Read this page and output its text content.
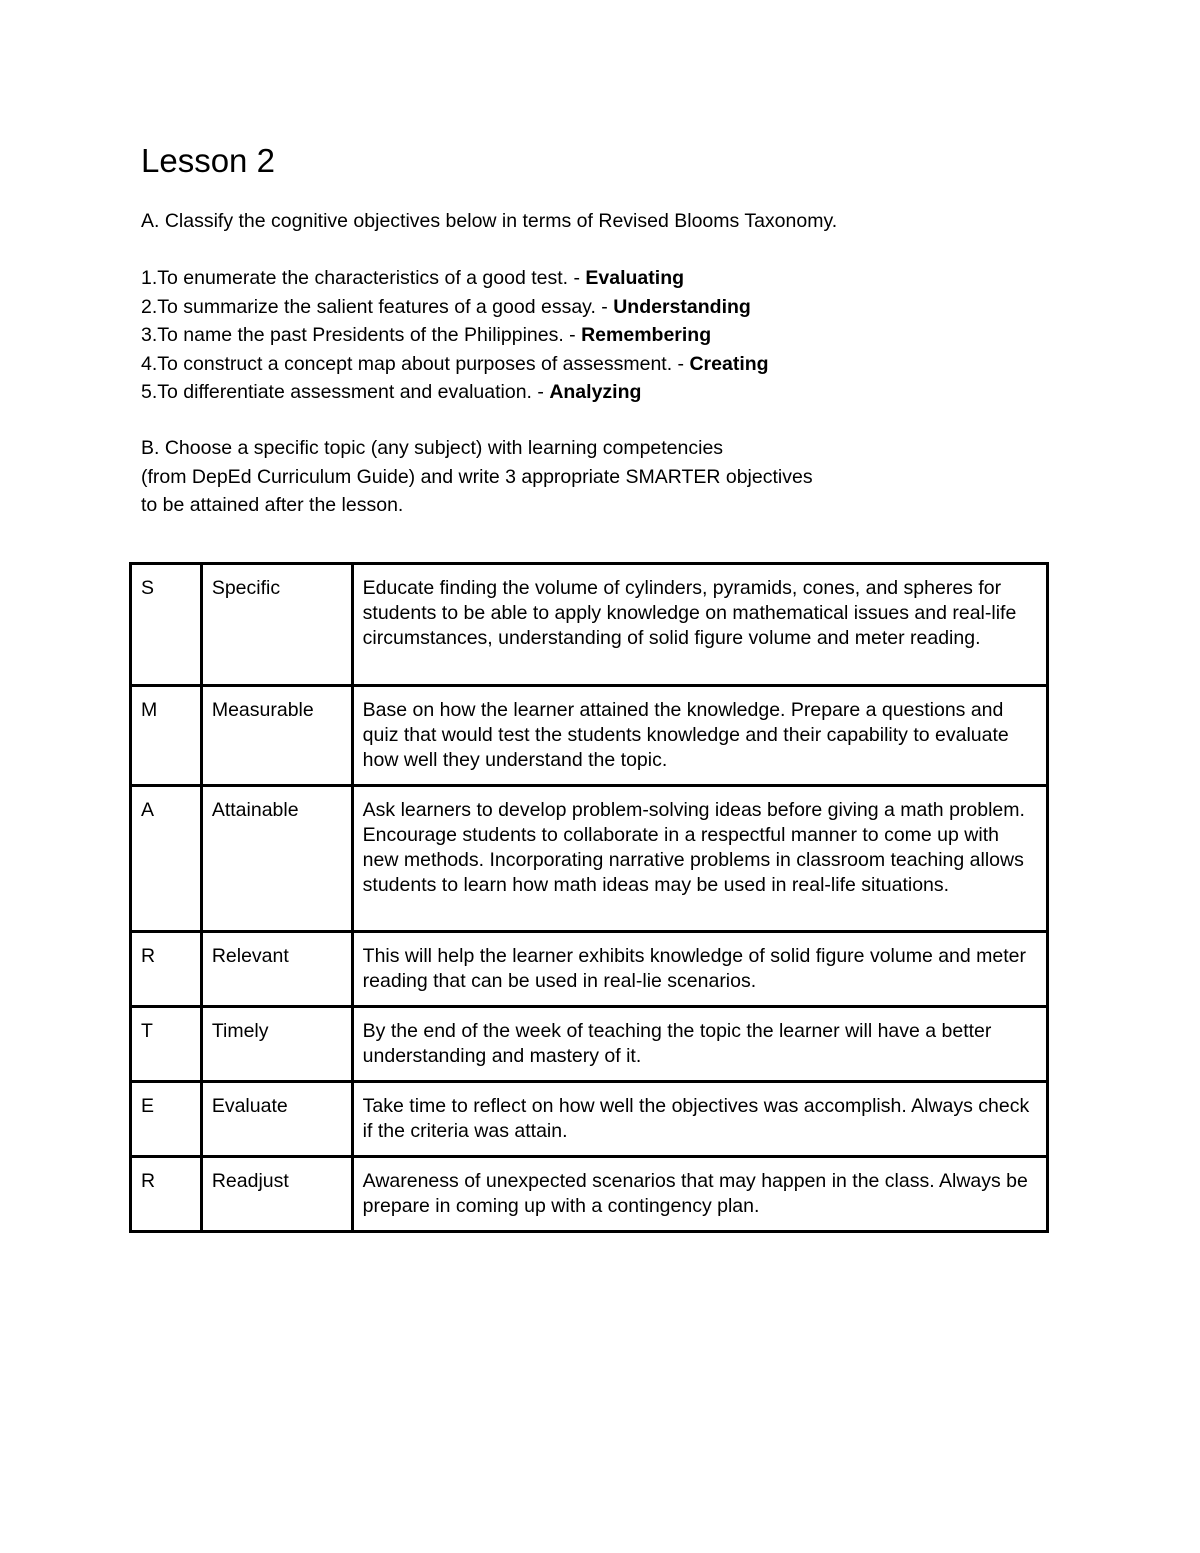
Lesson 2

A. Classify the cognitive objectives below in terms of Revised Blooms Taxonomy.

1.To enumerate the characteristics of a good test. - Evaluating

2.To summarize the salient features of a good essay. - Understanding

3.To name the past Presidents of the Philippines. - Remembering

4.To construct a concept map about purposes of assessment. - Creating

5.To differentiate assessment and evaluation. - Analyzing

B. Choose a specific topic (any subject) with learning competencies

(from DepEd Curriculum Guide) and write 3 appropriate SMARTER objectives

to be attained after the lesson.

S	Specific	Educate finding the volume of cylinders, pyramids, cones, and spheres for students to be able to apply knowledge on mathematical issues and real-life circumstances, understanding of solid figure volume and meter reading.
M	Measurable	Base on how the learner attained the knowledge. Prepare a questions and quiz that would test the students knowledge and their capability to evaluate how well they understand the topic.
A	Attainable	Ask learners to develop problem-solving ideas before giving a math problem. Encourage students to collaborate in a respectful manner to come up with new methods. Incorporating narrative problems in classroom teaching allows students to learn how math ideas may be used in real-life situations.
R	Relevant	This will help the learner exhibits knowledge of solid figure volume and meter reading that can be used in real-lie scenarios.
T	Timely	By the end of the week of teaching the topic the learner will have a better understanding and mastery of it.
E	Evaluate	Take time to reflect on how well the objectives was accomplish. Always check if the criteria was attain.
R	Readjust	Awareness of unexpected scenarios that may happen in the class. Always be prepare in coming up with a contingency plan.
